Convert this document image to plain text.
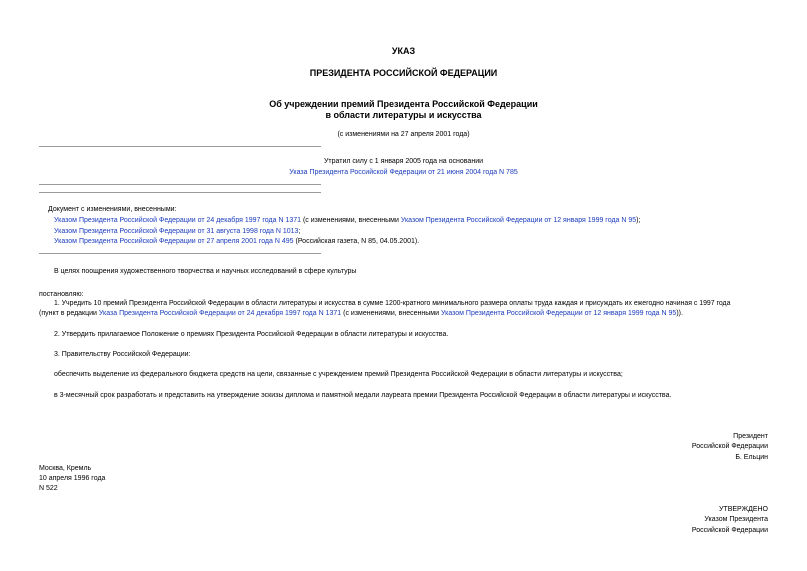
УКАЗ
ПРЕЗИДЕНТА РОССИЙСКОЙ ФЕДЕРАЦИИ
Об учреждении премий Президента Российской Федерации
в области литературы и искусства
(с изменениями на 27 апреля 2001 года)
Утратил силу с 1 января 2005 года на основании
Указа Президента Российской Федерации от 21 июня 2004 года N 785
Документ с изменениями, внесенными:
Указом Президента Российской Федерации от 24 декабря 1997 года N 1371 (с изменениями, внесенными Указом Президента Российской Федерации от 12 января 1999 года N 95);
Указом Президента Российской Федерации от 31 августа 1998 года N 1013;
Указом Президента Российской Федерации от 27 апреля 2001 года N 495 (Российская газета, N 85, 04.05.2001).
В целях поощрения художественного творчества и научных исследований в сфере культуры
постановляю:
1. Учредить 10 премий Президента Российской Федерации в области литературы и искусства в сумме 1200-кратного минимального размера оплаты труда каждая и присуждать их ежегодно начиная с 1997 года
(пункт в редакции Указа Президента Российской Федерации от 24 декабря 1997 года N 1371 (с изменениями, внесенными Указом Президента Российской Федерации от 12 января 1999 года N 95)).
2. Утвердить прилагаемое Положение о премиях Президента Российской Федерации в области литературы и искусства.
3. Правительству Российской Федерации:
обеспечить выделение из федерального бюджета средств на цели, связанные с учреждением премий Президента Российской Федерации в области литературы и искусства;
в 3-месячный срок разработать и представить на утверждение эскизы диплома и памятной медали лауреата премии Президента Российской Федерации в области литературы и искусства.
Президент
Российской Федерации
Б. Ельцин
Москва, Кремль
10 апреля 1996 года
N 522
УТВЕРЖДЕНО
Указом Президента
Российской Федерации
